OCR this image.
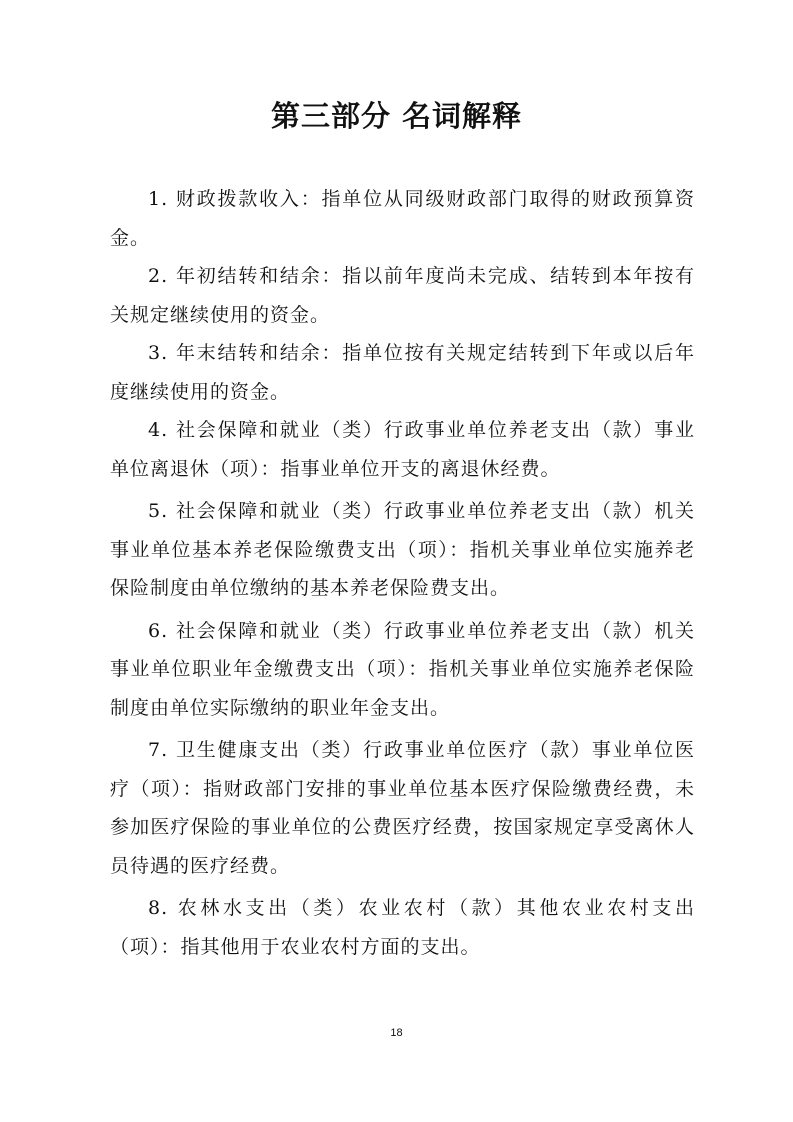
第三部分 名词解释

1. 财政拨款收入：指单位从同级财政部门取得的财政预算资金。

2. 年初结转和结余：指以前年度尚未完成、结转到本年按有关规定继续使用的资金。

3. 年末结转和结余：指单位按有关规定结转到下年或以后年度继续使用的资金。

4. 社会保障和就业（类）行政事业单位养老支出（款）事业单位离退休（项）：指事业单位开支的离退休经费。

5. 社会保障和就业（类）行政事业单位养老支出（款）机关事业单位基本养老保险缴费支出（项）：指机关事业单位实施养老保险制度由单位缴纳的基本养老保险费支出。

6. 社会保障和就业（类）行政事业单位养老支出（款）机关事业单位职业年金缴费支出（项）：指机关事业单位实施养老保险制度由单位实际缴纳的职业年金支出。

7. 卫生健康支出（类）行政事业单位医疗（款）事业单位医疗（项）：指财政部门安排的事业单位基本医疗保险缴费经费，未参加医疗保险的事业单位的公费医疗经费，按国家规定享受离休人员待遇的医疗经费。

8. 农林水支出（类）农业农村（款）其他农业农村支出（项）：指其他用于农业农村方面的支出。

18
